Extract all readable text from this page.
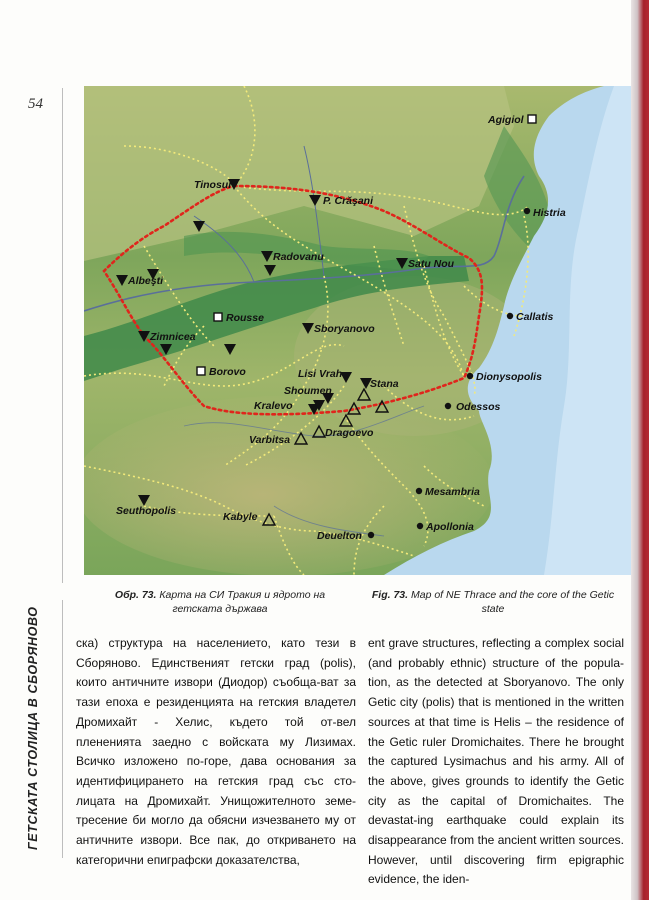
54
ГЕТСКАТА СТОЛИЦА В СБОРЯНОВО
Agigiol
Tinosul
P. Crăşani
Histria
Satu Nou
Radovanu
Albeşti
Rousse	Callatis
Sboryanovo
Zimnicea
Borovo	Lisi Vrah
Stana
Dionysopolis
Shoumen
Kralevo	Odessos
Dragoevo
Varbitsa
Mesambria
Seuthopolis	Kabyle
Apollonia
Deuelton
Обр. 73. Карта на СИ Тракия и ядрото на гетската държава
Fig. 73. Map of NE Thrace and the core of the Getic state

ска) структура на населението, като тези в Сборяново. Единственият гетски град (polis), които античните извори (Диодор) съобща-ват за тази епоха е резиденцията на гетския владетел Дромихайт - Хелис, където той от-вел плененията заедно с войската му Лизимах. Всичко изложено по-горе, дава основания за идентифицирането на гетския град със сто-лицата на Дромихайт. Унищожителното земе-тресение би могло да обясни изчезването му от античните извори. Все пак, до откриването на категорични епиграфски доказателства,

ent grave structures, reflecting a complex social (and probably ethnic) structure of the popula-tion, as the detected at Sboryanovo. The only Getic city (polis) that is mentioned in the written sources at that time is Helis – the residence of the Getic ruler Dromichaites. There he brought the captured Lysimachus and his army. All of the above, gives grounds to identify the Getic city as the capital of Dromichaites. The devastat-ing earthquake could explain its disappearance from the ancient written sources. However, until discovering firm epigraphic evidence, the iden-
